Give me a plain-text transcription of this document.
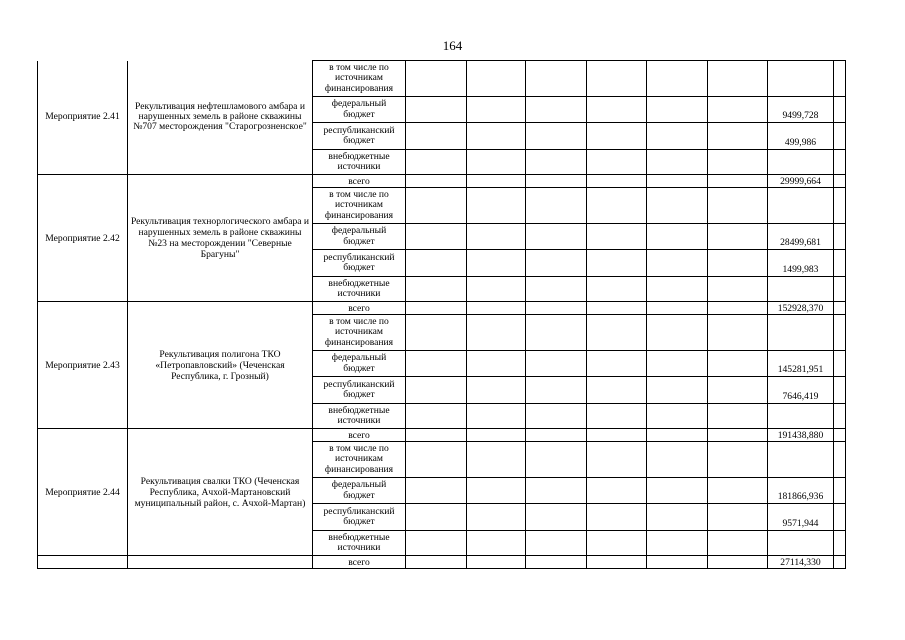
164
Мероприятие 2.41	Рекультивация нефтешламового амбара и нарушенных земель в районе скважины №707 месторождения "Старогрозненское"	в том числе по источникам финансирования								
		федеральный бюджет							9499,728	
		республиканский бюджет							499,986	
		внебюджетные источники								
Мероприятие 2.42	Рекультивация технорлогического амбара и нарушенных земель в районе скважины №23 на месторождении "Северные Брагуны"	всего							29999,664	
		в том числе по источникам финансирования								
		федеральный бюджет							28499,681	
		республиканский бюджет							1499,983	
		внебюджетные источники								
Мероприятие 2.43	Рекультивация полигона ТКО «Петропавловский» (Чеченская Республика, г. Грозный)	всего							152928,370	
		в том числе по источникам финансирования								
		федеральный бюджет							145281,951	
		республиканский бюджет							7646,419	
		внебюджетные источники								
Мероприятие 2.44	Рекультивация свалки ТКО (Чеченская Республика, Ачхой-Мартановский муниципальный район, с. Ачхой-Мартан)	всего							191438,880	
		в том числе по источникам финансирования								
		федеральный бюджет							181866,936	
		республиканский бюджет							9571,944	
		внебюджетные источники								
		всего							27114,330	
